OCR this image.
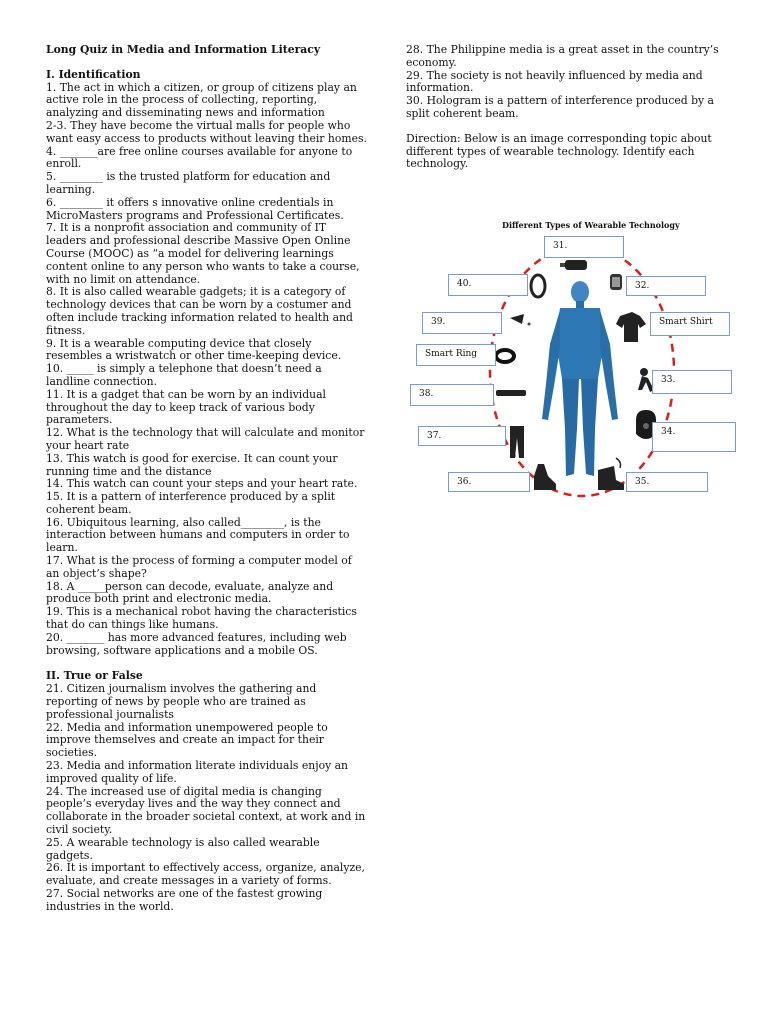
Long Quiz in Media and Information Literacy

I. Identification

1. The act in which a citizen, or group of citizens play an active role in the process of collecting, reporting, analyzing and disseminating news and information

2-3. They have become the virtual malls for people who want easy access to products without leaving their homes.

4. _______are free online courses available for anyone to enroll.

5. ________ is the trusted platform for education and learning.

6. ________ it offers s innovative online credentials in MicroMasters programs and Professional Certificates.

7. It is a nonprofit association and community of IT leaders and professional describe Massive Open Online Course (MOOC) as “a model for delivering learnings content online to any person who wants to take a course, with no limit on attendance.

8. It is also called wearable gadgets; it is a category of technology devices that can be worn by a costumer and often include tracking information related to health and fitness.

9. It is a wearable computing device that closely resembles a wristwatch or other time-keeping device.

10. _____ is simply a telephone that doesn’t need a landline connection.

11. It is a gadget that can be worn by an individual throughout the day to keep track of various body parameters.

12. What is the technology that will calculate and monitor your heart rate

13. This watch is good for exercise. It can count your running time and the distance

14. This watch can count your steps and your heart rate.

15. It is a pattern of interference produced by a split coherent beam.

16. Ubiquitous learning, also called________, is the interaction between humans and computers in order to learn.

17. What is the process of forming a computer model of an object’s shape?

18. A _____person can decode, evaluate, analyze and produce both print and electronic media.

19. This is a mechanical robot having the characteristics that do can things like humans.

20. _______ has more advanced features, including web browsing, software applications and a mobile OS.

II. True or False

21. Citizen journalism involves the gathering and reporting of news by people who are trained as professional journalists

22. Media and information unempowered people to improve themselves and create an impact for their societies.

23. Media and information literate individuals enjoy an improved quality of life.

24. The increased use of digital media is changing people’s everyday lives and the way they connect and collaborate in the broader societal context, at work and in civil society.

25. A wearable technology is also called wearable gadgets.

26. It is important to effectively access, organize, analyze, evaluate, and create messages in a variety of forms.

27. Social networks are one of the fastest growing industries in the world.

28. The Philippine media is a great asset in the country’s economy.

29. The society is not heavily influenced by media and information.

30. Hologram is a pattern of interference produced by a split coherent beam.

Direction: Below is an image corresponding topic about different types of wearable technology. Identify each technology.

Different Types of Wearable Technology
31.
32.
Smart Shirt
33.
34.
35.
36.
37.
38.
Smart Ring
39.
40.
